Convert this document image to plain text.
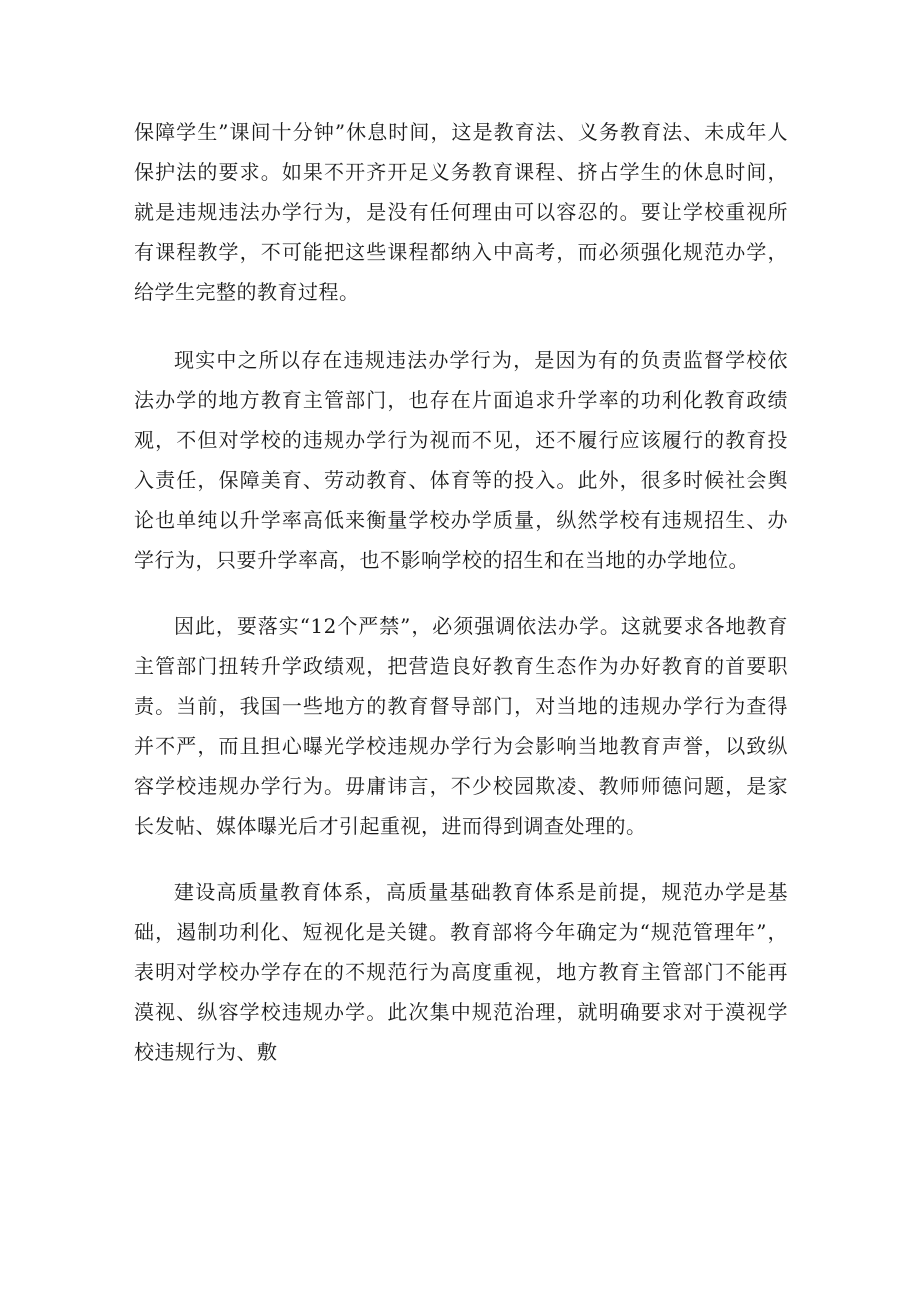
保障学生”课间十分钟”休息时间，这是教育法、义务教育法、未成年人保护法的要求。如果不开齐开足义务教育课程、挤占学生的休息时间，就是违规违法办学行为，是没有任何理由可以容忍的。要让学校重视所有课程教学，不可能把这些课程都纳入中高考，而必须强化规范办学，给学生完整的教育过程。

现实中之所以存在违规违法办学行为，是因为有的负责监督学校依法办学的地方教育主管部门，也存在片面追求升学率的功利化教育政绩观，不但对学校的违规办学行为视而不见，还不履行应该履行的教育投入责任，保障美育、劳动教育、体育等的投入。此外，很多时候社会舆论也单纯以升学率高低来衡量学校办学质量，纵然学校有违规招生、办学行为，只要升学率高，也不影响学校的招生和在当地的办学地位。

因此，要落实“12个严禁”，必须强调依法办学。这就要求各地教育主管部门扭转升学政绩观，把营造良好教育生态作为办好教育的首要职责。当前，我国一些地方的教育督导部门，对当地的违规办学行为查得并不严，而且担心曝光学校违规办学行为会影响当地教育声誉，以致纵容学校违规办学行为。毋庸讳言，不少校园欺凌、教师师德问题，是家长发帖、媒体曝光后才引起重视，进而得到调查处理的。

建设高质量教育体系，高质量基础教育体系是前提，规范办学是基础，遏制功利化、短视化是关键。教育部将今年确定为“规范管理年”，表明对学校办学存在的不规范行为高度重视，地方教育主管部门不能再漠视、纵容学校违规办学。此次集中规范治理，就明确要求对于漠视学校违规行为、敷
